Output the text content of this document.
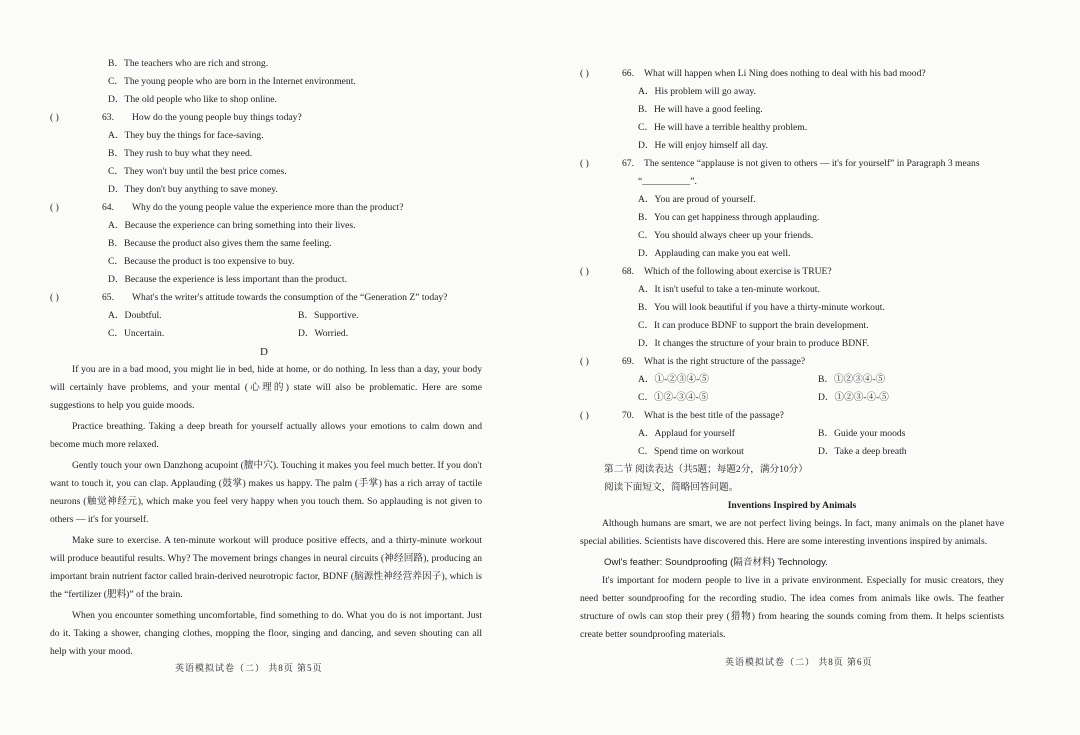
B．The teachers who are rich and strong.
C．The young people who are born in the Internet environment.
D．The old people who like to shop online.
( )	63.	How do the young people buy things today?
A．They buy the things for face-saving.
B．They rush to buy what they need.
C．They won't buy until the best price comes.
D．They don't buy anything to save money.
( )	64.	Why do the young people value the experience more than the product?
A．Because the experience can bring something into their lives.
B．Because the product also gives them the same feeling.
C．Because the product is too expensive to buy.
D．Because the experience is less important than the product.
( )	65.	What's the writer's attitude towards the consumption of the “Generation Z” today?
A．Doubtful.	B．Supportive.
C．Uncertain.	D．Worried.
D

If you are in a bad mood, you might lie in bed, hide at home, or do nothing. In less than a day, your body will certainly have problems, and your mental (心理的) state will also be problematic. Here are some suggestions to help you guide moods.

Practice breathing. Taking a deep breath for yourself actually allows your emotions to calm down and become much more relaxed.

Gently touch your own Danzhong acupoint (膻中穴). Touching it makes you feel much better. If you don't want to touch it, you can clap. Applauding (鼓掌) makes us happy. The palm (手掌) has a rich array of tactile neurons (触觉神经元), which make you feel very happy when you touch them. So applauding is not given to others — it's for yourself.

Make sure to exercise. A ten-minute workout will produce positive effects, and a thirty-minute workout will produce beautiful results. Why? The movement brings changes in neural circuits (神经回路), producing an important brain nutrient factor called brain-derived neurotropic factor, BDNF (脑源性神经营养因子), which is the “fertilizer (肥料)” of the brain.

When you encounter something uncomfortable, find something to do. What you do is not important. Just do it. Taking a shower, changing clothes, mopping the floor, singing and dancing, and seven shouting can all help with your mood.

英语模拟试卷（二） 共8页 第5页
( )	66.	What will happen when Li Ning does nothing to deal with his bad mood?
A．His problem will go away.
B．He will have a good feeling.
C．He will have a terrible healthy problem.
D．He will enjoy himself all day.
( )	67.	The sentence “applause is not given to others — it's for yourself” in Paragraph 3 means
“__________”.
A．You are proud of yourself.
B．You can get happiness through applauding.
C．You should always cheer up your friends.
D．Applauding can make you eat well.
( )	68.	Which of the following about exercise is TRUE?
A．It isn't useful to take a ten-minute workout.
B．You will look beautiful if you have a thirty-minute workout.
C．It can produce BDNF to support the brain development.
D．It changes the structure of your brain to produce BDNF.
( )	69.	What is the right structure of the passage?
A．①-②③④-⑤	B．①②③④-⑤
C．①②-③④-⑤	D．①②③-④-⑤
( )	70.	What is the best title of the passage?
A．Applaud for yourself	B．Guide your moods
C．Spend time on workout	D．Take a deep breath
第二节 阅读表达（共5题；每题2分，满分10分）
阅读下面短文，简略回答问题。
Inventions Inspired by Animals

Although humans are smart, we are not perfect living beings. In fact, many animals on the planet have special abilities. Scientists have discovered this. Here are some interesting inventions inspired by animals.

Owl's feather: Soundproofing (隔音材料) Technology.

It's important for modern people to live in a private environment. Especially for music creators, they need better soundproofing for the recording studio. The idea comes from animals like owls. The feather structure of owls can stop their prey (猎物) from hearing the sounds coming from them. It helps scientists create better soundproofing materials.

英语模拟试卷（二） 共8页 第6页
